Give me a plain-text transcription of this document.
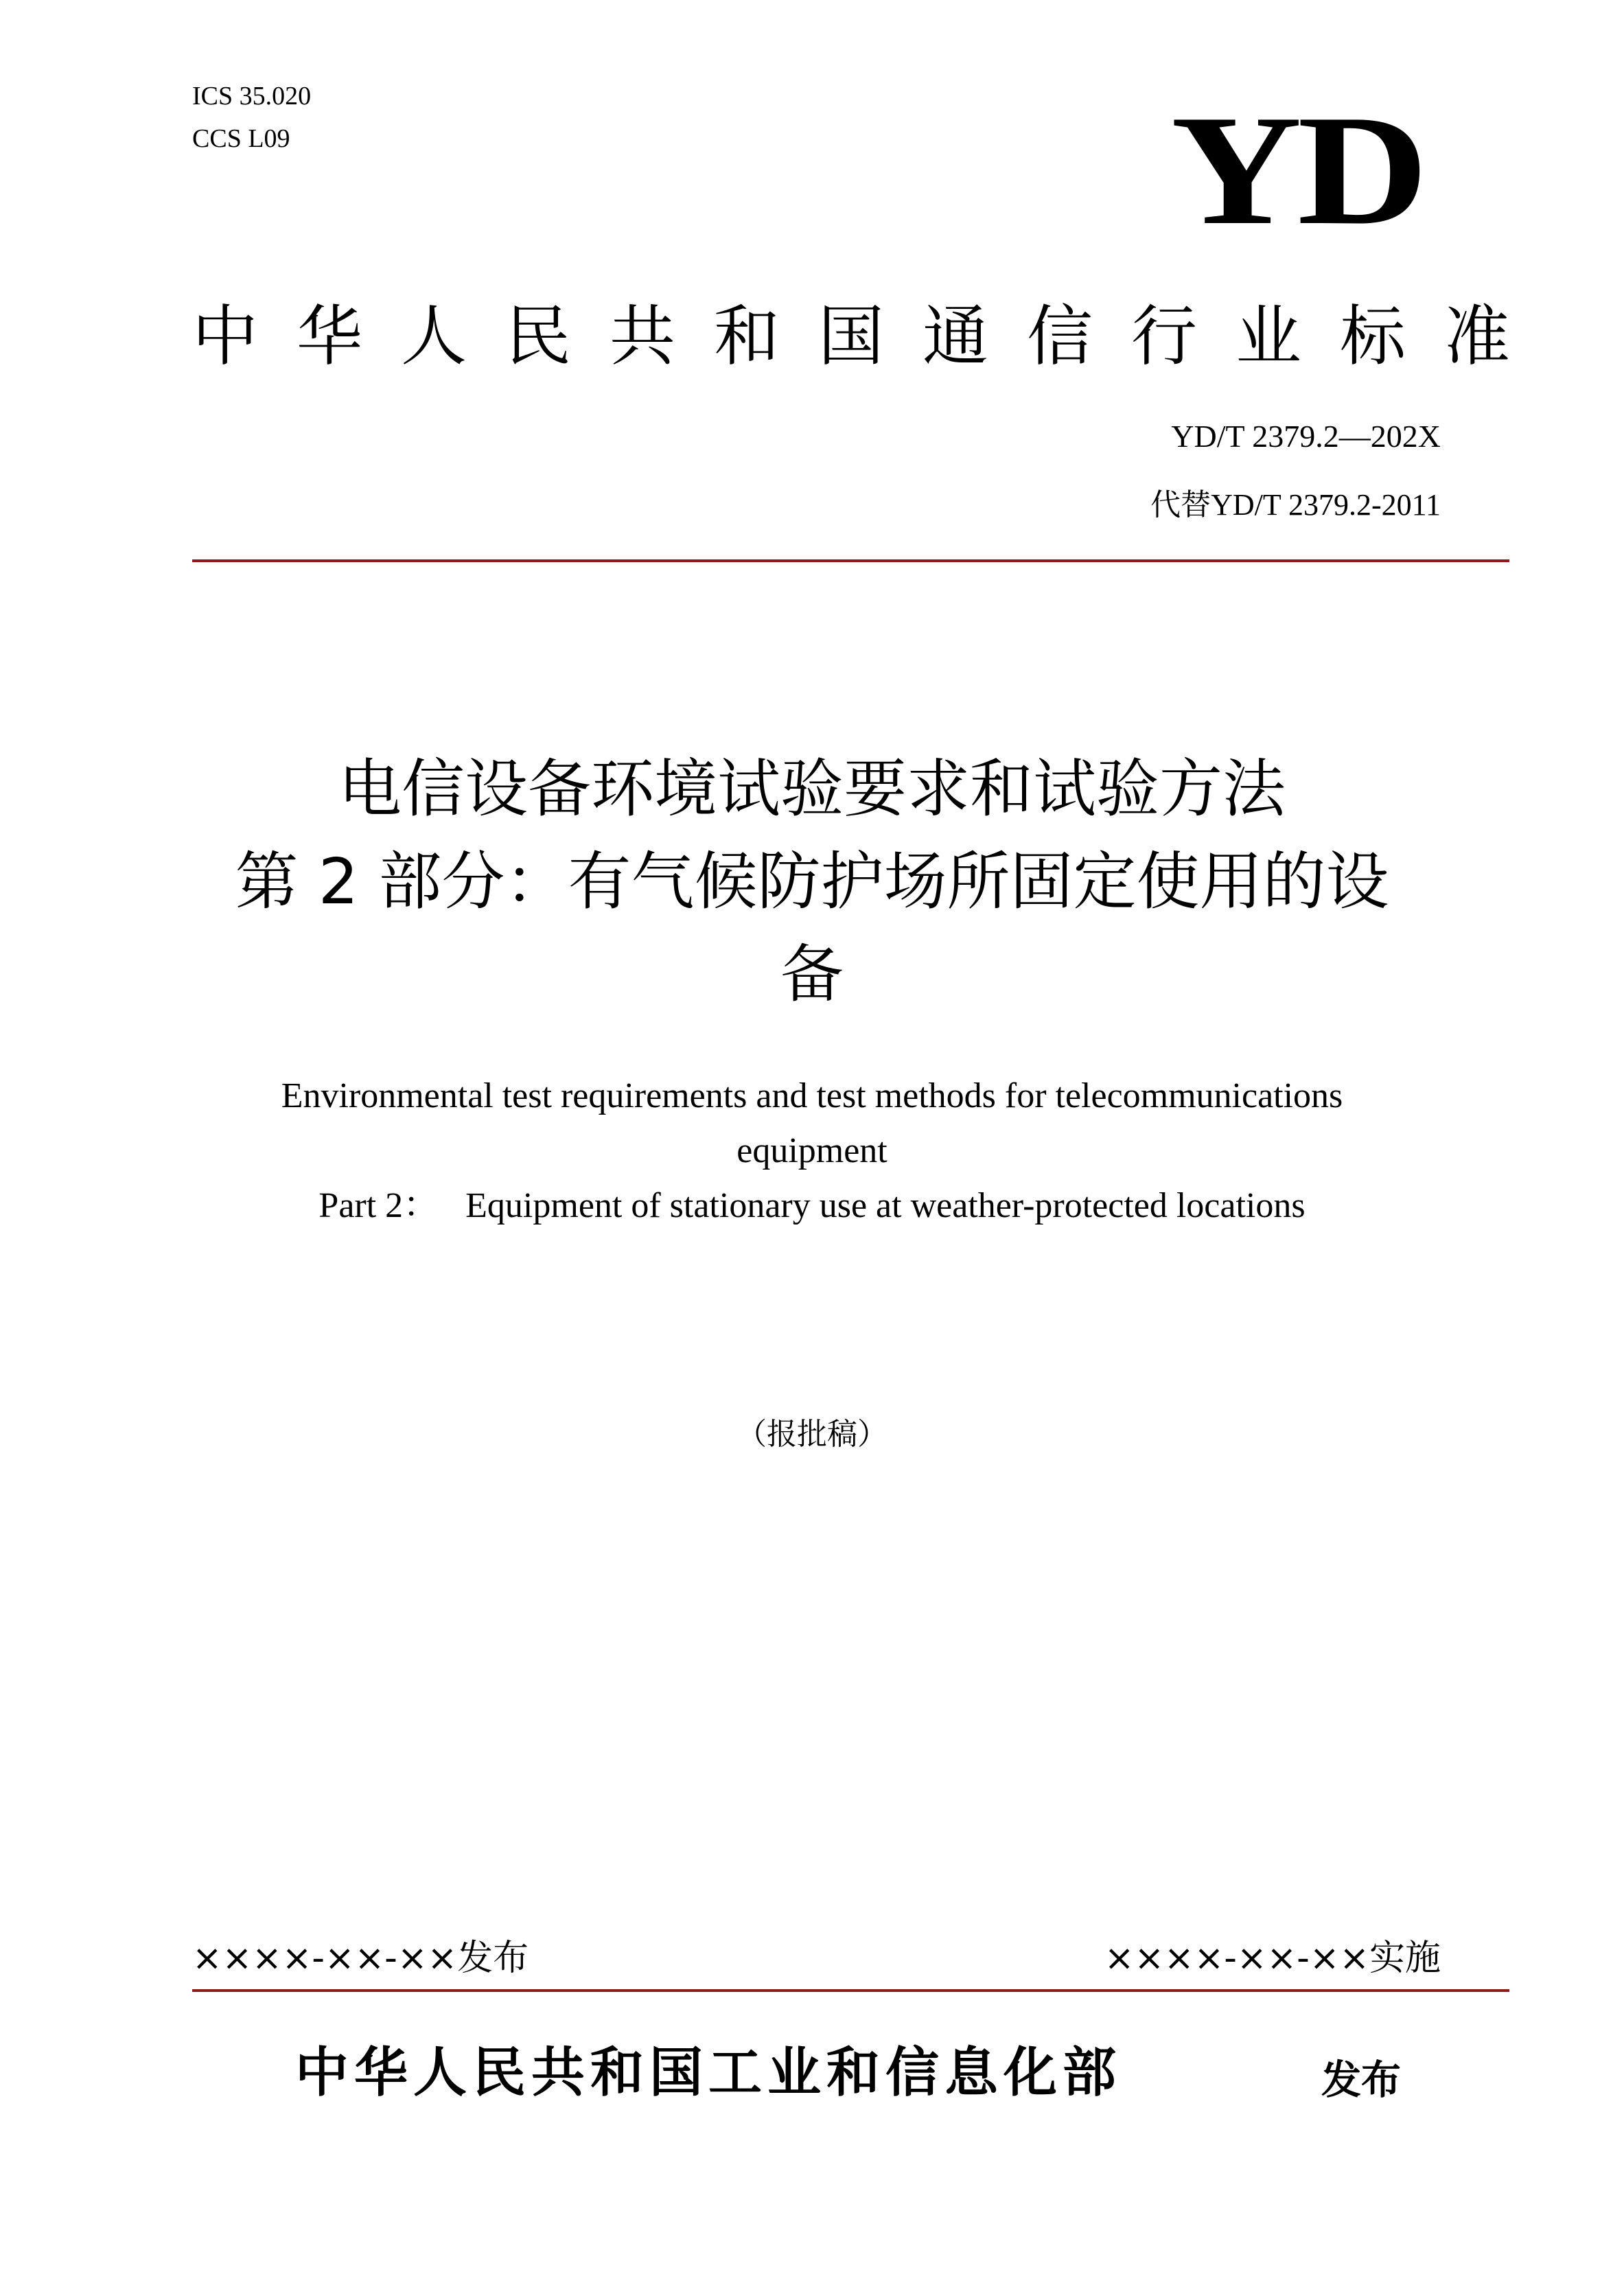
ICS 35.020
CCS L09	YD
中 华 人 民 共 和 国 通 信 行 业 标 准
YD/T 2379.2—202X
代替YD/T 2379.2-2011
电信设备环境试验要求和试验方法
第 2 部分：有气候防护场所固定使用的设
备
Environmental test requirements and test methods for telecommunications
equipment
Part 2：   Equipment of stationary use at weather-protected locations
（报批稿）
××××-××-××发布	××××-××-××实施
中华人民共和国工业和信息化部	发布
